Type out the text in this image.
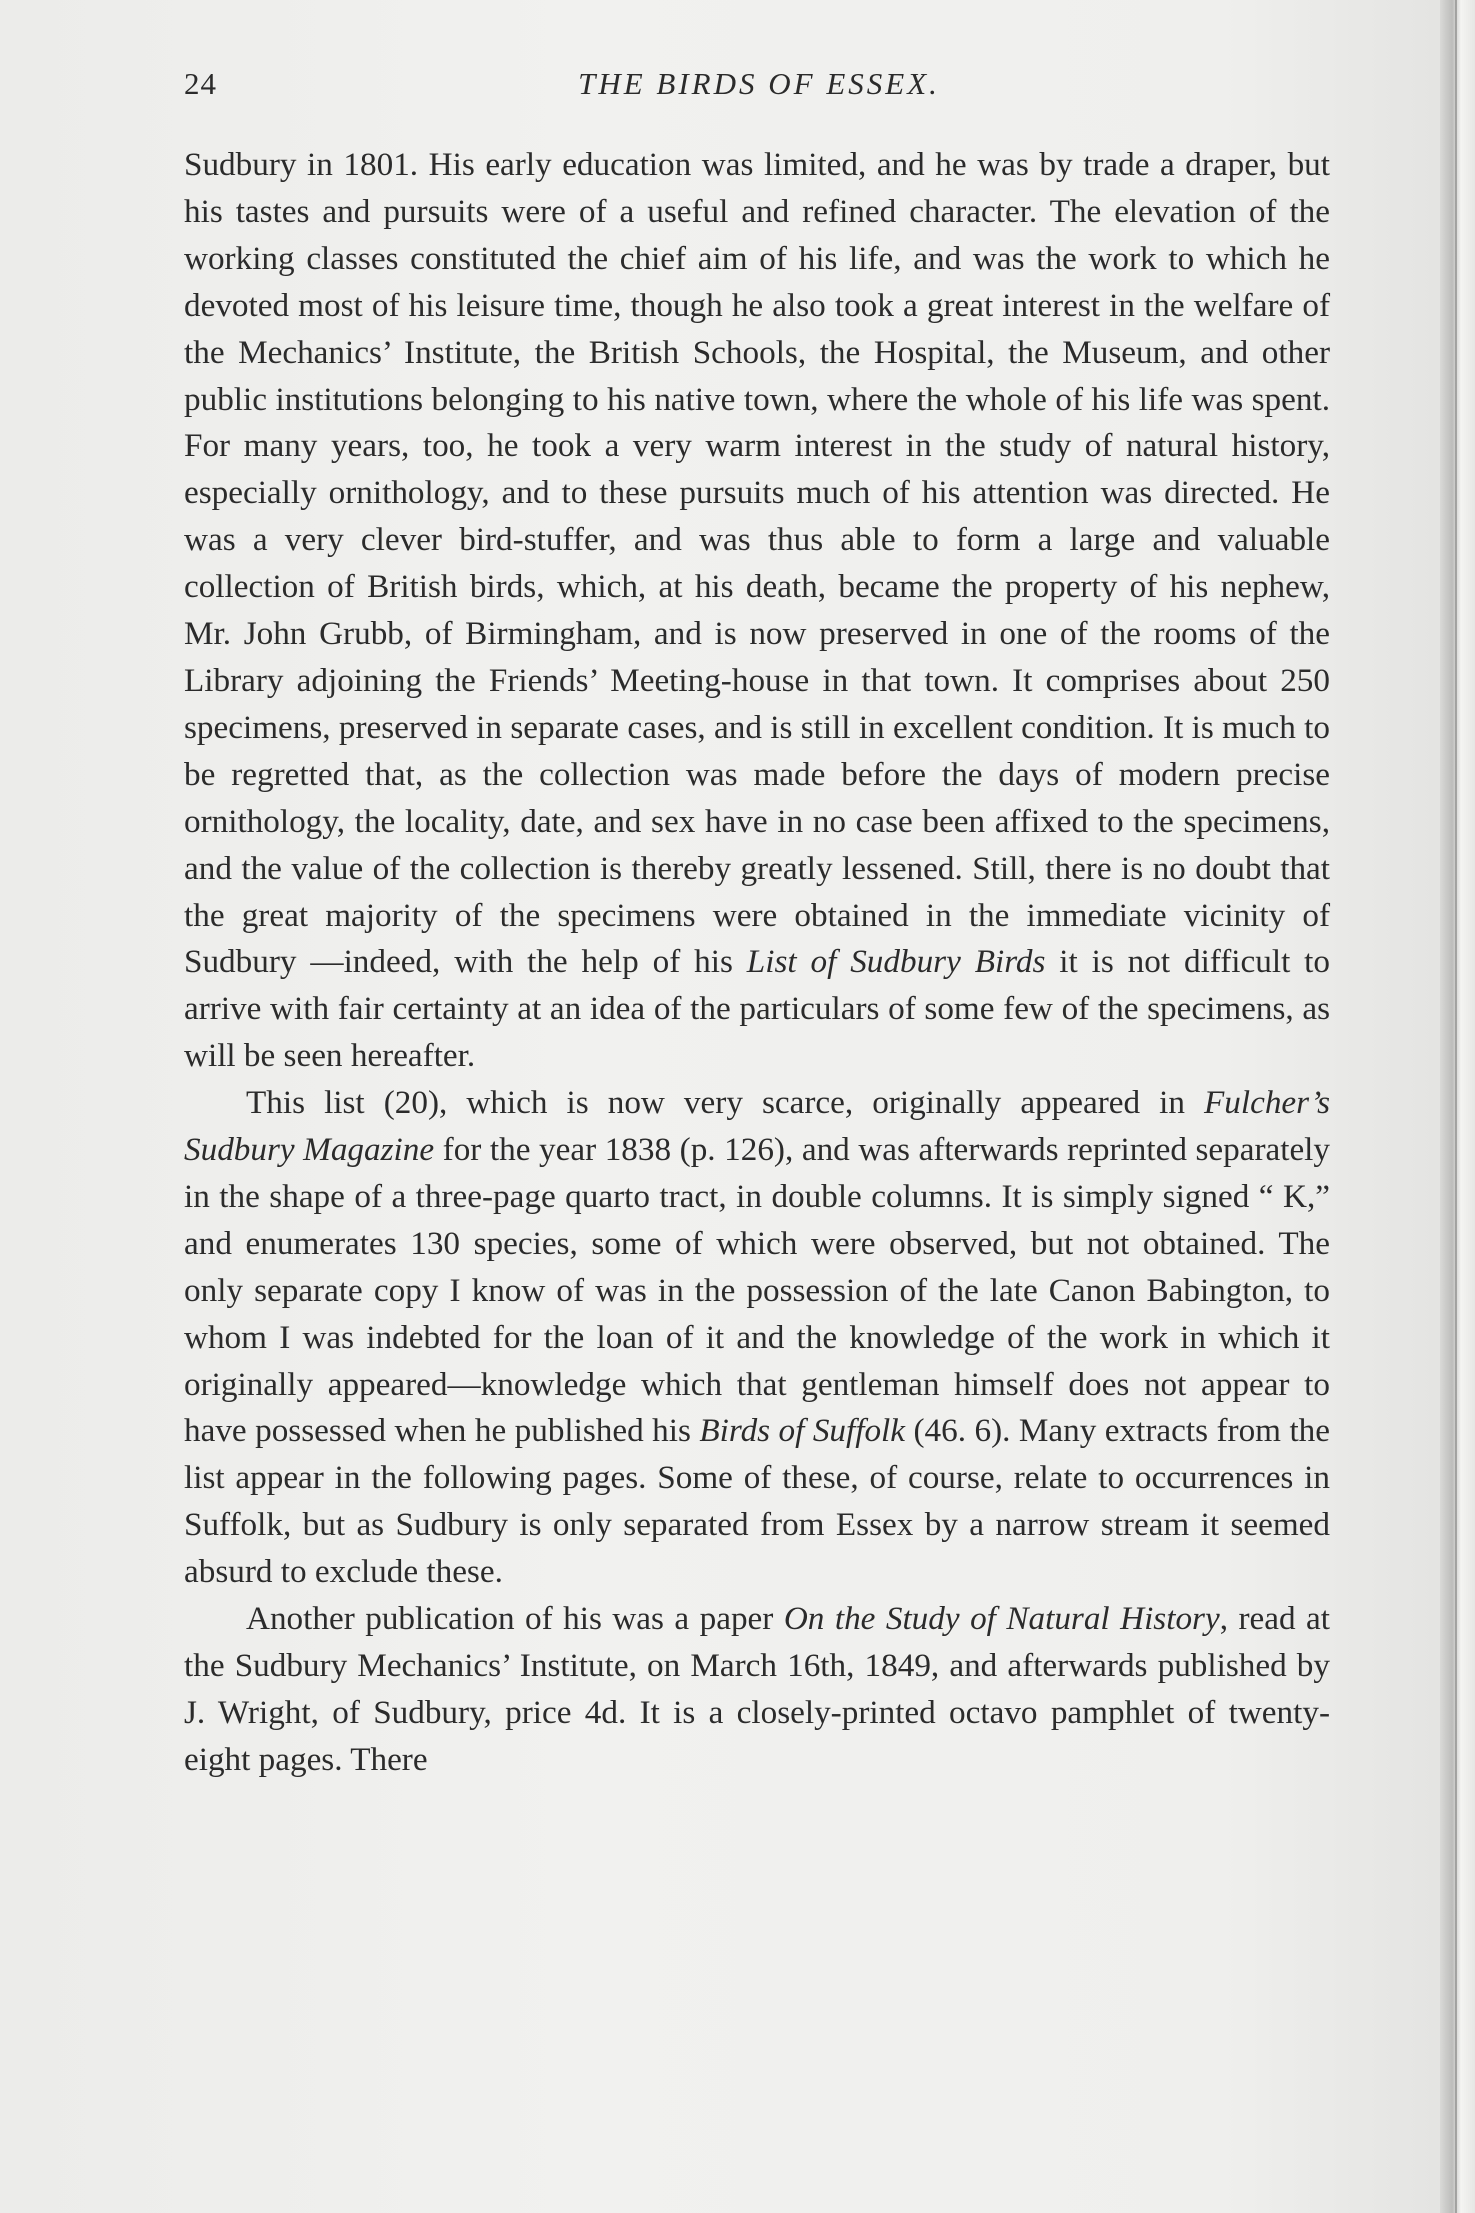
24	THE BIRDS OF ESSEX.

Sudbury in 1801. His early education was limited, and he was by trade a draper, but his tastes and pursuits were of a useful and refined character. The elevation of the working classes constituted the chief aim of his life, and was the work to which he devoted most of his leisure time, though he also took a great interest in the welfare of the Mechanics’ Institute, the British Schools, the Hospital, the Museum, and other public institutions belonging to his native town, where the whole of his life was spent. For many years, too, he took a very warm interest in the study of natural history, especially ornithology, and to these pursuits much of his attention was directed. He was a very clever bird-stuffer, and was thus able to form a large and valuable collection of British birds, which, at his death, became the property of his nephew, Mr. John Grubb, of Birmingham, and is now preserved in one of the rooms of the Library adjoining the Friends’ Meeting-house in that town. It comprises about 250 specimens, preserved in separate cases, and is still in excellent condition. It is much to be regretted that, as the collection was made before the days of modern precise ornithology, the locality, date, and sex have in no case been affixed to the specimens, and the value of the collection is thereby greatly lessened. Still, there is no doubt that the great majority of the specimens were obtained in the immediate vicinity of Sudbury —indeed, with the help of his List of Sudbury Birds it is not difficult to arrive with fair certainty at an idea of the particulars of some few of the specimens, as will be seen hereafter.

This list (20), which is now very scarce, originally appeared in Fulcher’s Sudbury Magazine for the year 1838 (p. 126), and was afterwards reprinted separately in the shape of a three-page quarto tract, in double columns. It is simply signed “ K,” and enumerates 130 species, some of which were observed, but not obtained. The only separate copy I know of was in the possession of the late Canon Babington, to whom I was indebted for the loan of it and the knowledge of the work in which it originally appeared—knowledge which that gentleman himself does not appear to have possessed when he published his Birds of Suffolk (46. 6). Many extracts from the list appear in the following pages. Some of these, of course, relate to occurrences in Suffolk, but as Sudbury is only separated from Essex by a narrow stream it seemed absurd to exclude these.

Another publication of his was a paper On the Study of Natural History, read at the Sudbury Mechanics’ Institute, on March 16th, 1849, and afterwards published by J. Wright, of Sudbury, price 4d. It is a closely-printed octavo pamphlet of twenty-eight pages. There
